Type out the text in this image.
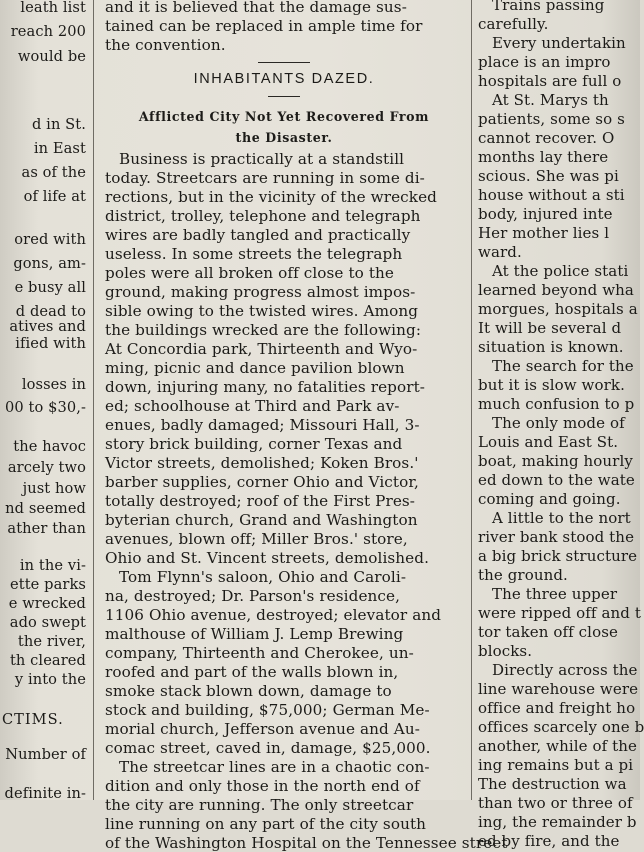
leath list
reach 200
would be
d in St.
in East
as of the
of life at
ored with
gons, am-
e busy all
d dead to
atives and
ified with
losses in
00 to $30,-
the havoc
arcely two
just how
nd seemed
ather than
in the vi-
ette parks
e wrecked
ado swept
the river,
th cleared
y into the
CTIMS.
Number of
definite in-
and it is believed that the damage sus-
tained can be replaced in ample time for
the convention.
INHABITANTS DAZED.
Afflicted City Not Yet Recovered From
the Disaster.
Business is practically at a standstill
today. Streetcars are running in some di-
rections, but in the vicinity of the wrecked
district, trolley, telephone and telegraph
wires are badly tangled and practically
useless. In some streets the telegraph
poles were all broken off close to the
ground, making progress almost impos-
sible owing to the twisted wires. Among
the buildings wrecked are the following:
At Concordia park, Thirteenth and Wyo-
ming, picnic and dance pavilion blown
down, injuring many, no fatalities report-
ed; schoolhouse at Third and Park av-
enues, badly damaged; Missouri Hall, 3-
story brick building, corner Texas and
Victor streets, demolished; Koken Bros.'
barber supplies, corner Ohio and Victor,
totally destroyed; roof of the First Pres-
byterian church, Grand and Washington
avenues, blown off; Miller Bros.' store,
Ohio and St. Vincent streets, demolished.
Tom Flynn's saloon, Ohio and Caroli-
na, destroyed; Dr. Parson's residence,
1106 Ohio avenue, destroyed; elevator and
malthouse of William J. Lemp Brewing
company, Thirteenth and Cherokee, un-
roofed and part of the walls blown in,
smoke stack blown down, damage to
stock and building, $75,000; German Me-
morial church, Jefferson avenue and Au-
comac street, caved in, damage, $25,000.
The streetcar lines are in a chaotic con-
dition and only those in the north end of
the city are running. The only streetcar
line running on any part of the city south
of the Washington Hospital on the Tennessee street
Trains passing
carefully.
Every undertakin
place is an impro
hospitals are full o
At St. Marys th
patients, some so s
cannot recover. O
months lay there
scious. She was pi
house without a sti
body, injured inte
Her mother lies l
ward.
At the police stati
learned beyond wha
morgues, hospitals a
It will be several d
situation is known.
The search for the
but it is slow work.
much confusion to p
The only mode of
Louis and East St.
boat, making hourly
ed down to the wate
coming and going.
A little to the nort
river bank stood the
a big brick structure
the ground.
The three upper
were ripped off and t
tor taken off close
blocks.
Directly across the
line warehouse were
office and freight ho
offices scarcely one b
another, while of the
ing remains but a pi
The destruction wa
than two or three of
ing, the remainder b
ed by fire, and the
